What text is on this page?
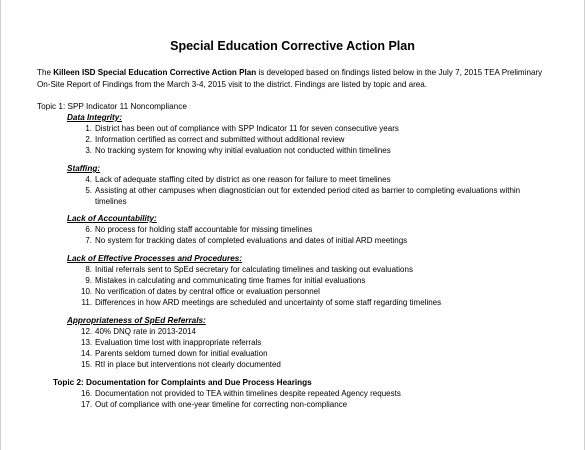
Special Education Corrective Action Plan
The Killeen ISD Special Education Corrective Action Plan is developed based on findings listed below in the July 7, 2015 TEA Preliminary On-Site Report of Findings from the March 3-4, 2015 visit to the district. Findings are listed by topic and area.
Topic 1: SPP Indicator 11 Noncompliance
Data Integrity:
1. District has been out of compliance with SPP Indicator 11 for seven consecutive years
2. Information certified as correct and submitted without additional review
3. No tracking system for knowing why initial evaluation not conducted within timelines
Staffing:
4. Lack of adequate staffing cited by district as one reason for failure to meet timelines
5. Assisting at other campuses when diagnostician out for extended period cited as barrier to completing evaluations within timelines
Lack of Accountability:
6. No process for holding staff accountable for missing timelines
7. No system for tracking dates of completed evaluations and dates of initial ARD meetings
Lack of Effective Processes and Procedures:
8. Initial referrals sent to SpEd secretary for calculating timelines and tasking out evaluations
9. Mistakes in calculating and communicating time frames for initial evaluations
10. No verification of dates by central office or evaluation personnel
11. Differences in how ARD meetings are scheduled and uncertainty of some staff regarding timelines
Appropriateness of SpEd Referrals:
12. 40% DNQ rate in 2013-2014
13. Evaluation time lost with inappropriate referrals
14. Parents seldom turned down for initial evaluation
15. RtI in place but interventions not clearly documented
Topic 2: Documentation for Complaints and Due Process Hearings
16. Documentation not provided to TEA within timelines despite repeated Agency requests
17. Out of compliance with one-year timeline for correcting non-compliance
